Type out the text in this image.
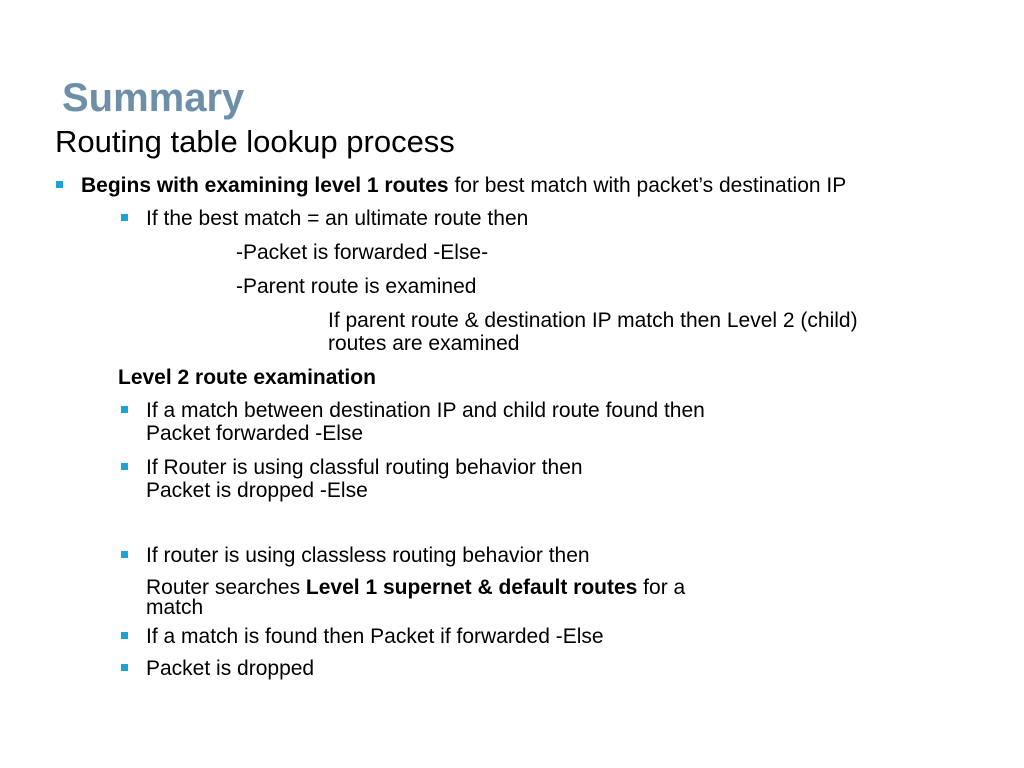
Summary
Routing table lookup process
Begins with examining level 1 routes for best match with packet’s destination IP
If the best match = an ultimate route then
-Packet is forwarded -Else-
-Parent route is examined
If parent route & destination IP match then Level 2 (child)
routes are examined
Level 2 route examination
If a match between destination IP and child route found then
Packet forwarded -Else
If Router is using classful routing behavior then
Packet is dropped -Else
If router is using classless routing behavior then
Router searches Level 1 supernet & default routes for a
match
If a match is found then Packet if forwarded -Else
Packet is dropped
